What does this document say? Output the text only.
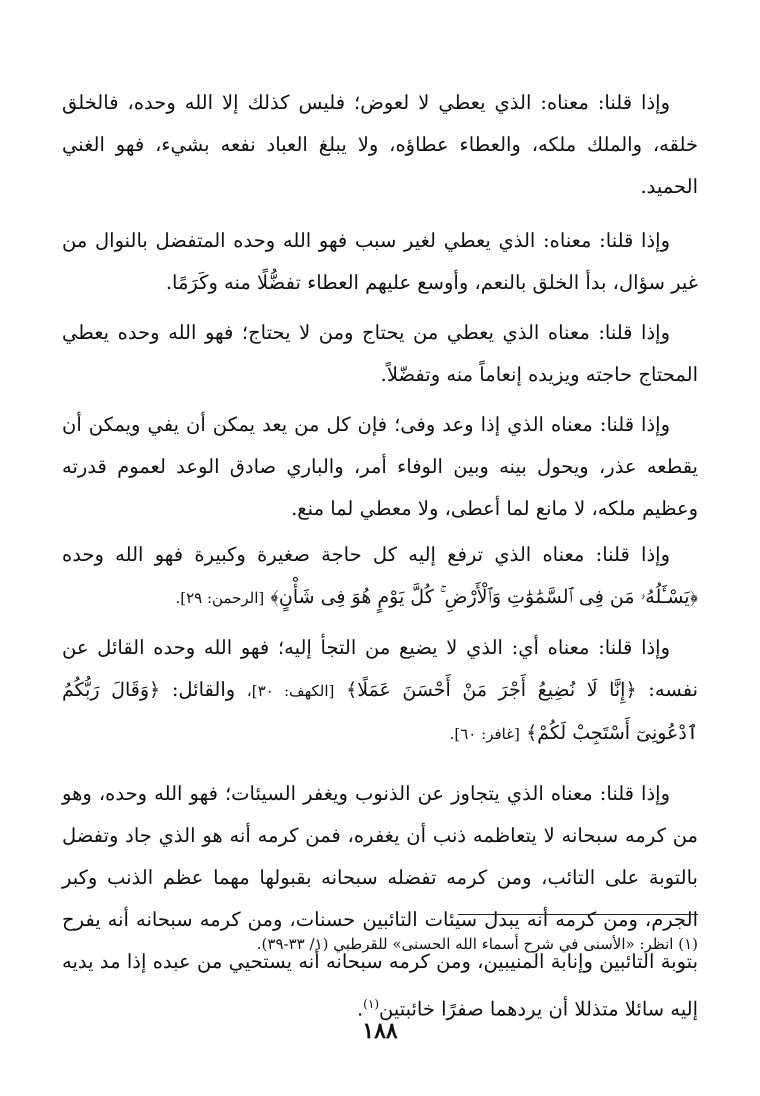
وإذا قلنا: معناه: الذي يعطي لا لعوض؛ فليس كذلك إلا الله وحده، فالخلق خلقه، والملك ملكه، والعطاء عطاؤه، ولا يبلغ العباد نفعه بشيء، فهو الغني الحميد.

وإذا قلنا: معناه: الذي يعطي لغير سبب فهو الله وحده المتفضل بالنوال من غير سؤال، بدأ الخلق بالنعم، وأوسع عليهم العطاء تفضُّلًا منه وكَرَمًا.

وإذا قلنا: معناه الذي يعطي من يحتاج ومن لا يحتاج؛ فهو الله وحده يعطي المحتاج حاجته ويزيده إنعاماً منه وتفضّلاً.

وإذا قلنا: معناه الذي إذا وعد وفى؛ فإن كل من يعد يمكن أن يفي ويمكن أن يقطعه عذر، ويحول بينه وبين الوفاء أمر، والباري صادق الوعد لعموم قدرته وعظيم ملكه، لا مانع لما أعطى، ولا معطي لما منع.

وإذا قلنا: معناه الذي ترفع إليه كل حاجة صغيرة وكبيرة فهو الله وحده ﴿يَسْـَٔلُهُۥ مَن فِى ٱلسَّمَٰوَٰتِ وَٱلْأَرْضِ ۚ كُلَّ يَوْمٍ هُوَ فِى شَأْنٍ﴾ [الرحمن: ٢٩].

وإذا قلنا: معناه أي: الذي لا يضيع من التجأ إليه؛ فهو الله وحده القائل عن نفسه: ﴿إِنَّا لَا نُضِيعُ أَجْرَ مَنْ أَحْسَنَ عَمَلًا﴾ [الكهف: ٣٠]، والقائل: ﴿وَقَالَ رَبُّكُمُ ٱدْعُونِىٓ أَسْتَجِبْ لَكُمْ﴾ [غافر: ٦٠].

وإذا قلنا: معناه الذي يتجاوز عن الذنوب ويغفر السيئات؛ فهو الله وحده، وهو من كرمه سبحانه لا يتعاظمه ذنب أن يغفره، فمن كرمه أنه هو الذي جاد وتفضل بالتوبة على التائب، ومن كرمه تفضله سبحانه بقبولها مهما عظم الذنب وكبر الجرم، ومن كرمه أنه يبدل سيئات التائبين حسنات، ومن كرمه سبحانه أنه يفرح بتوبة التائبين وإنابة المنيبين، ومن كرمه سبحانه أنه يستحيي من عبده إذا مد يديه إليه سائلا متذللا أن يردهما صفرًا خائبتين$^{(١)}$.

(١) انظر: «الأسنى في شرح أسماء الله الحسنى» للقرطبي (١/ ٣٣-٣٩).
١٨٨
